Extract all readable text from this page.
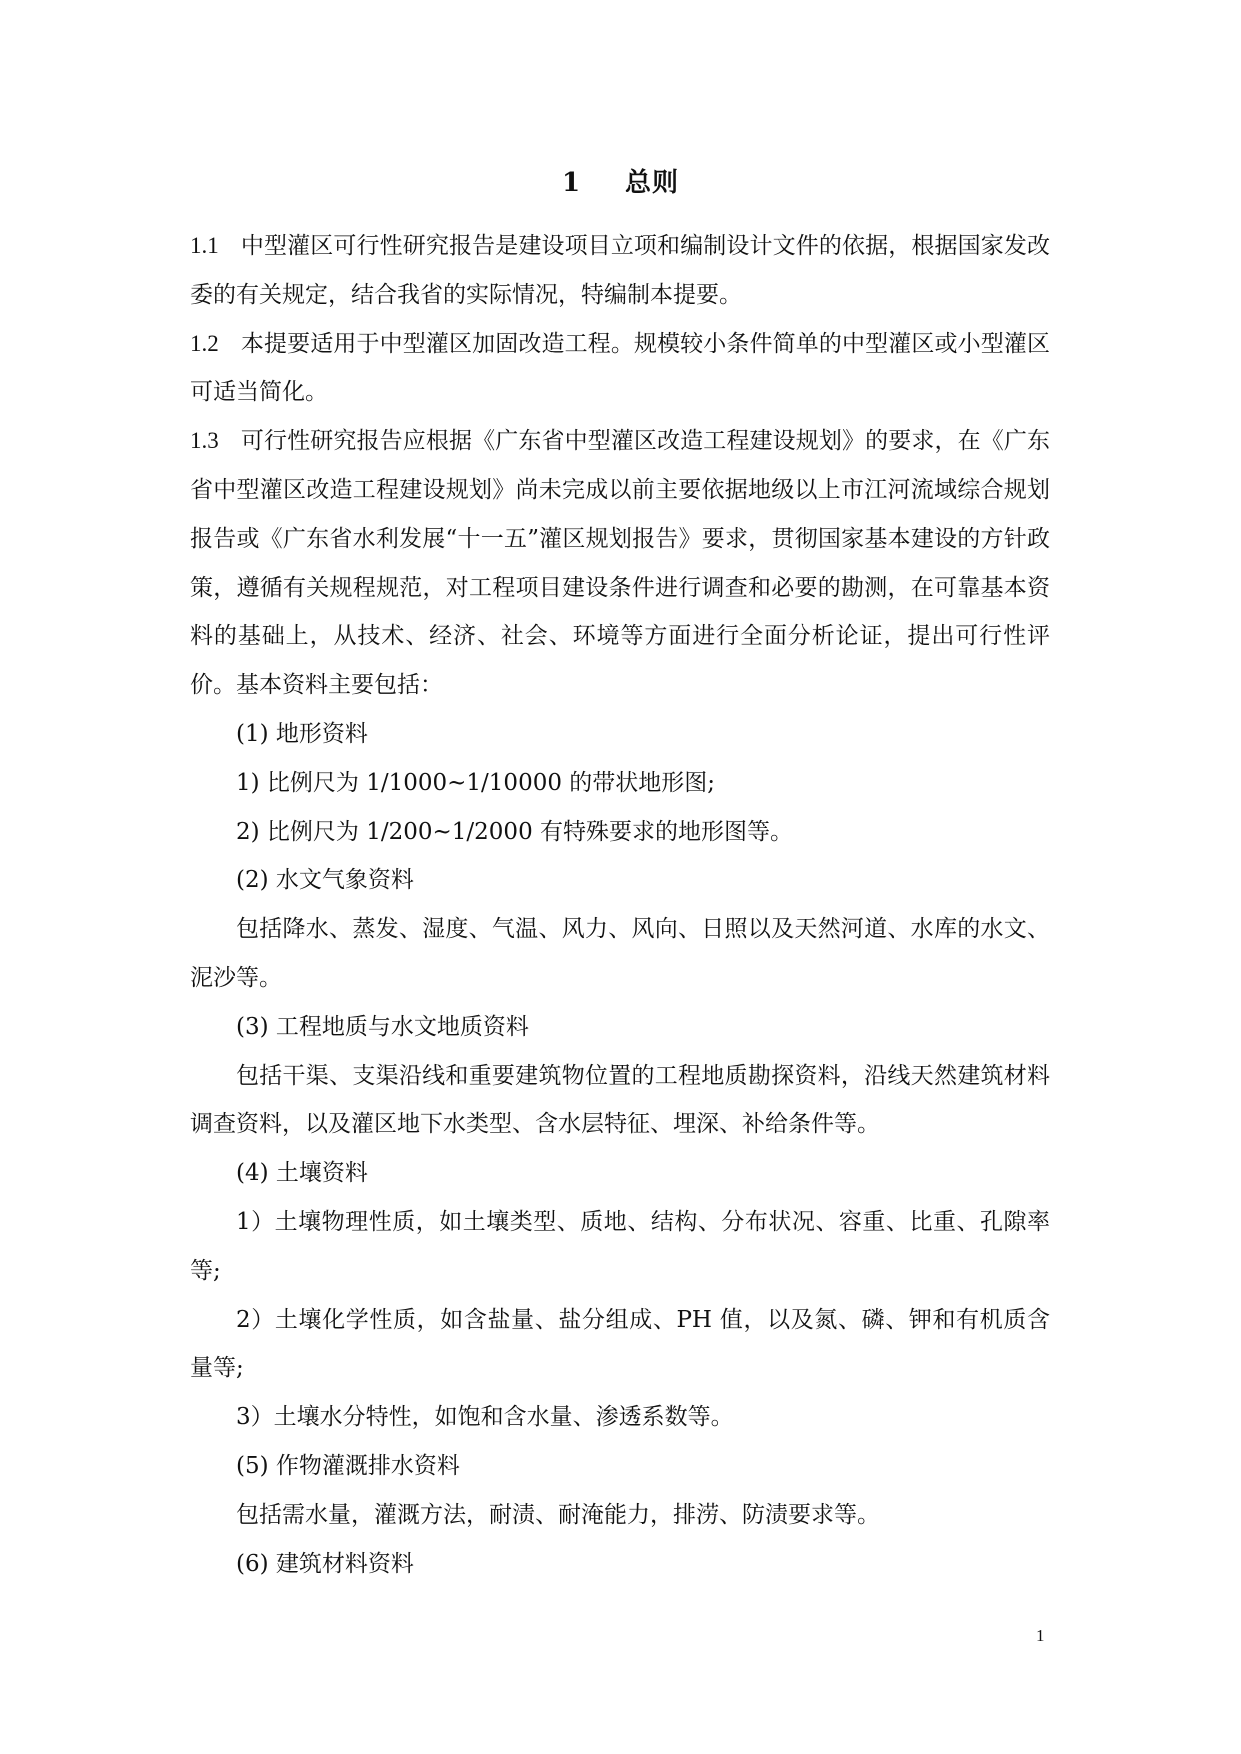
1 总则

1.1 中型灌区可行性研究报告是建设项目立项和编制设计文件的依据，根据国家发改委的有关规定，结合我省的实际情况，特编制本提要。

1.2 本提要适用于中型灌区加固改造工程。规模较小条件简单的中型灌区或小型灌区可适当简化。

1.3 可行性研究报告应根据《广东省中型灌区改造工程建设规划》的要求，在《广东省中型灌区改造工程建设规划》尚未完成以前主要依据地级以上市江河流域综合规划报告或《广东省水利发展“十一五”灌区规划报告》要求，贯彻国家基本建设的方针政策，遵循有关规程规范，对工程项目建设条件进行调查和必要的勘测，在可靠基本资料的基础上，从技术、经济、社会、环境等方面进行全面分析论证，提出可行性评价。基本资料主要包括：

(1) 地形资料

1) 比例尺为 1/1000~1/10000 的带状地形图;

2) 比例尺为 1/200~1/2000 有特殊要求的地形图等。

(2) 水文气象资料

包括降水、蒸发、湿度、气温、风力、风向、日照以及天然河道、水库的水文、泥沙等。

(3) 工程地质与水文地质资料

包括干渠、支渠沿线和重要建筑物位置的工程地质勘探资料，沿线天然建筑材料调查资料，以及灌区地下水类型、含水层特征、埋深、补给条件等。

(4) 土壤资料

1）土壤物理性质，如土壤类型、质地、结构、分布状况、容重、比重、孔隙率等;

2）土壤化学性质，如含盐量、盐分组成、PH 值，以及氮、磷、钾和有机质含量等;

3）土壤水分特性，如饱和含水量、渗透系数等。

(5) 作物灌溉排水资料

包括需水量，灌溉方法，耐渍、耐淹能力，排涝、防渍要求等。

(6) 建筑材料资料

1
